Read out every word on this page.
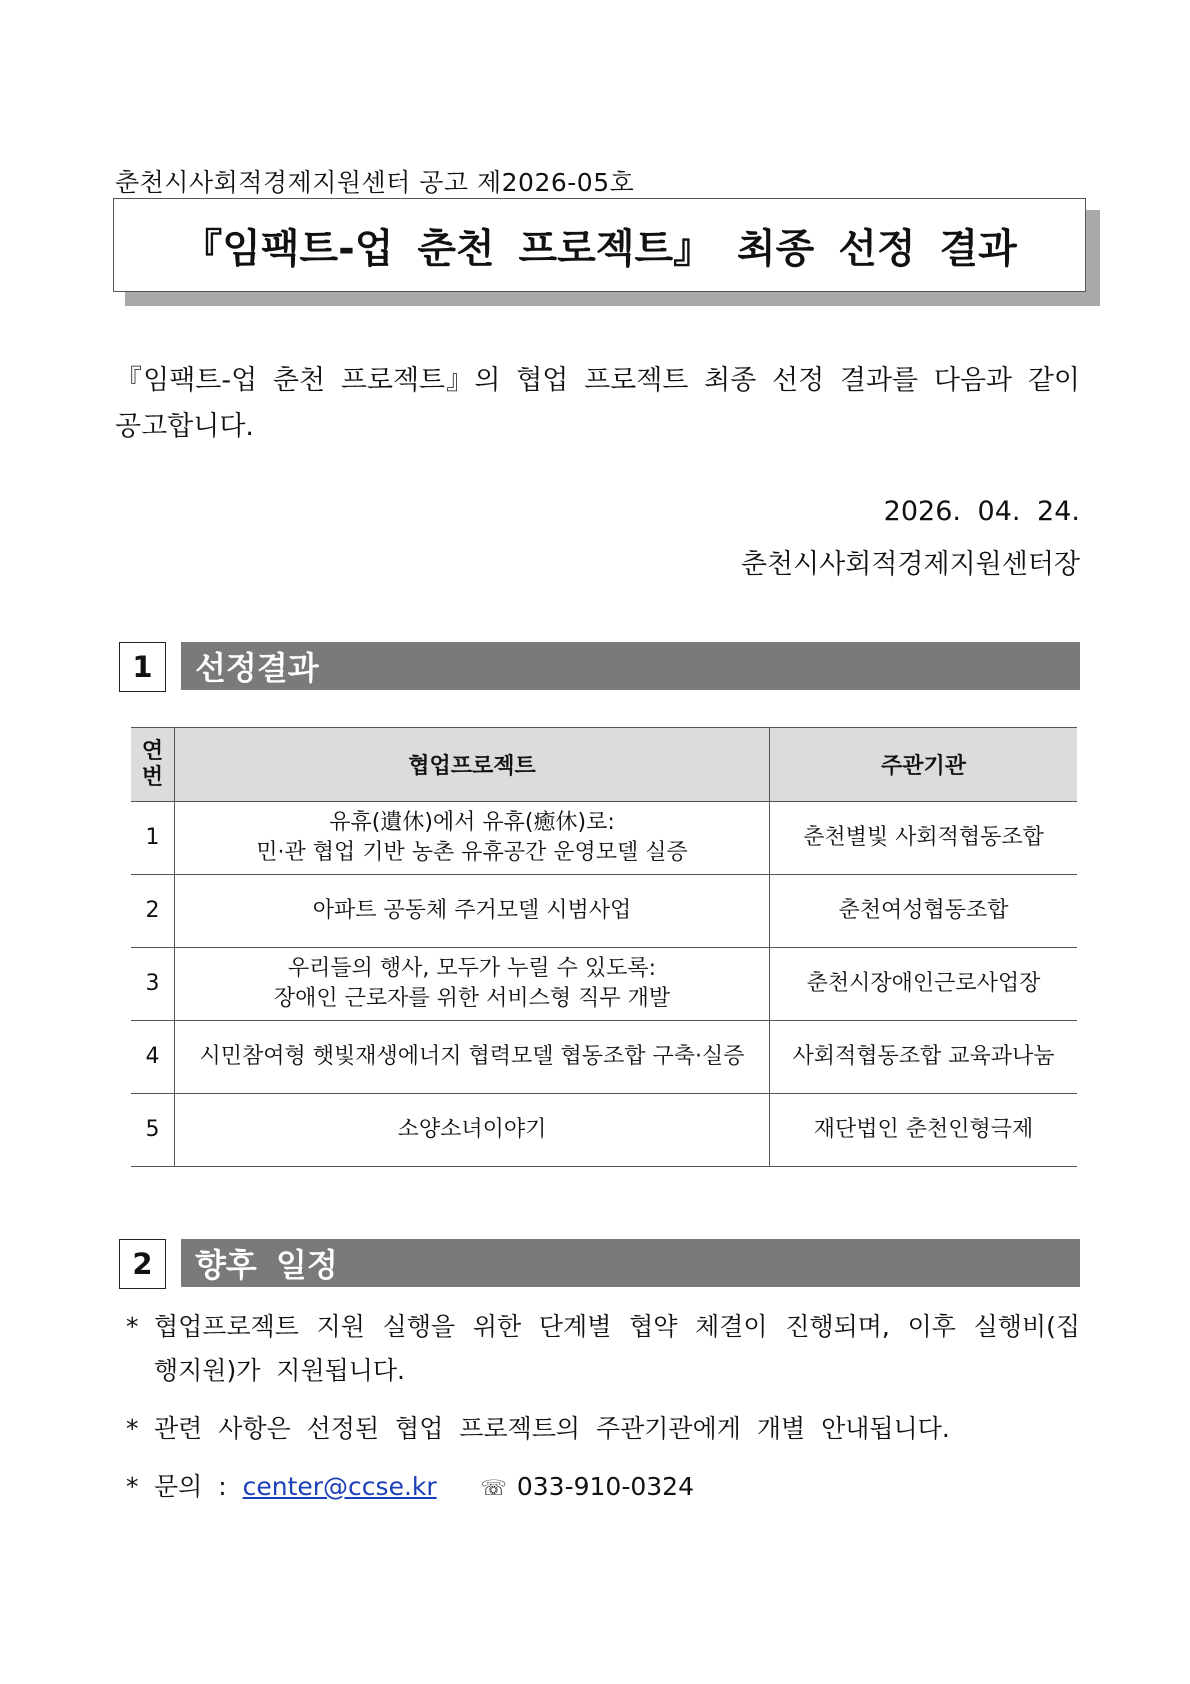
춘천시사회적경제지원센터 공고 제2026-05호
『임팩트-업 춘천 프로젝트』 최종 선정 결과
『임팩트-업 춘천 프로젝트』의 협업 프로젝트 최종 선정 결과를 다음과 같이 공고합니다.
2026. 04. 24.
춘천시사회적경제지원센터장
1	선정결과
연번	협업프로젝트	주관기관
1	유휴(遺休)에서 유휴(癒休)로:
민·관 협업 기반 농촌 유휴공간 운영모델 실증	춘천별빛 사회적협동조합
2	아파트 공동체 주거모델 시범사업	춘천여성협동조합
3	우리들의 행사, 모두가 누릴 수 있도록:
장애인 근로자를 위한 서비스형 직무 개발	춘천시장애인근로사업장
4	시민참여형 햇빛재생에너지 협력모델 협동조합 구축·실증	사회적협동조합 교육과나눔
5	소양소녀이야기	재단법인 춘천인형극제
2	향후 일정
* 협업프로젝트 지원 실행을 위한 단계별 협약 체결이 진행되며, 이후 실행비(집행지원)가 지원됩니다.
* 관련 사항은 선정된 협업 프로젝트의 주관기관에게 개별 안내됩니다.
* 문의 : center@ccse.kr ☏ 033-910-0324
